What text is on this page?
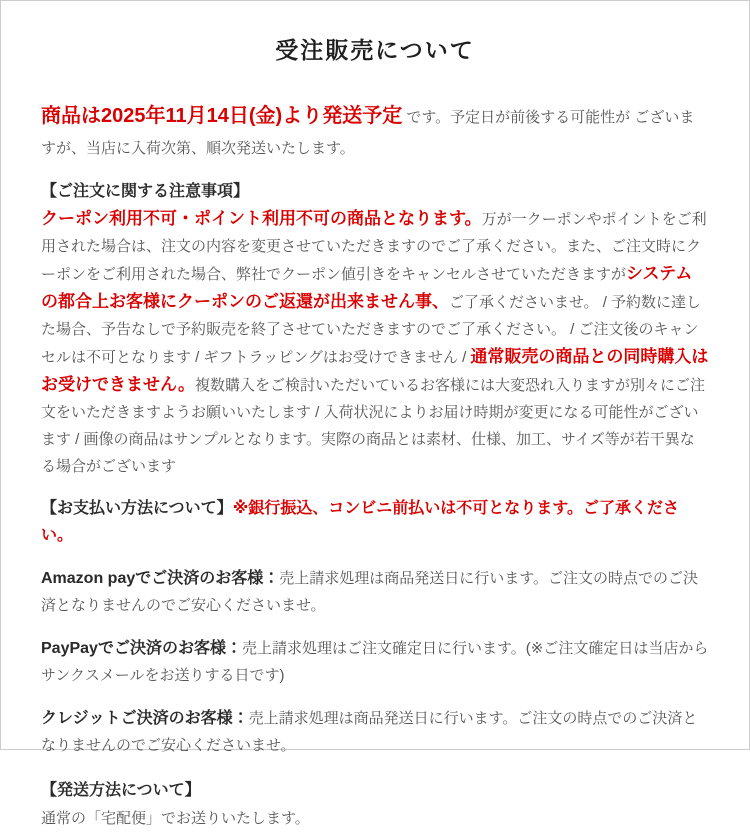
受注販売について

商品は2025年11月14日(金)より発送予定 です。予定日が前後する可能性が ございますが、当店に入荷次第、順次発送いたします。

【ご注文に関する注意事項】

クーポン利用不可・ポイント利用不可の商品となります。万が一クーポンやポイントをご利用された場合は、注文の内容を変更させていただきますのでご了承ください。また、ご注文時にクーポンをご利用された場合、弊社でクーポン値引きをキャンセルさせていただきますがシステムの都合上お客様にクーポンのご返還が出来ません事、ご了承くださいませ。 / 予約数に達した場合、予告なしで予約販売を終了させていただきますのでご了承ください。 / ご注文後のキャンセルは不可となります / ギフトラッピングはお受けできません / 通常販売の商品との同時購入はお受けできません。複数購入をご検討いただいているお客様には大変恐れ入りますが別々にご注文をいただきますようお願いいたします / 入荷状況によりお届け時期が変更になる可能性がございます / 画像の商品はサンプルとなります。実際の商品とは素材、仕様、加工、サイズ等が若干異なる場合がございます

【お支払い方法について】※銀行振込、コンビニ前払いは不可となります。ご了承ください。

Amazon payでご決済のお客様：売上請求処理は商品発送日に行います。ご注文の時点でのご決済となりませんのでご安心くださいませ。

PayPayでご決済のお客様：売上請求処理はご注文確定日に行います。(※ご注文確定日は当店からサンクスメールをお送りする日です)

クレジットご決済のお客様：売上請求処理は商品発送日に行います。ご注文の時点でのご決済となりませんのでご安心くださいませ。

【発送方法について】

通常の「宅配便」でお送りいたします。
